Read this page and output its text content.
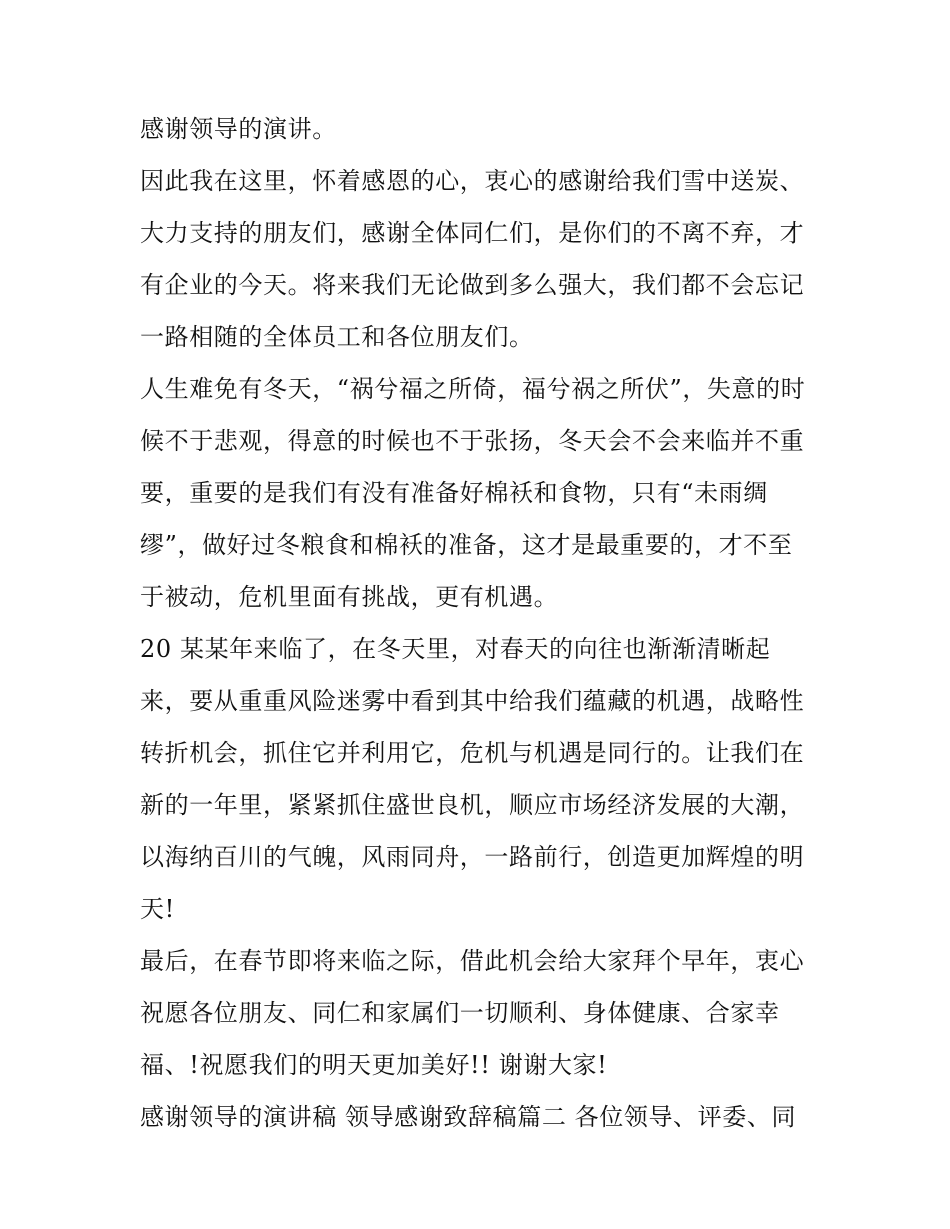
感谢领导的演讲。
因此我在这里，怀着感恩的心，衷心的感谢给我们雪中送炭、
大力支持的朋友们，感谢全体同仁们，是你们的不离不弃，才
有企业的今天。将来我们无论做到多么强大，我们都不会忘记
一路相随的全体员工和各位朋友们。
人生难免有冬天，“祸兮福之所倚，福兮祸之所伏”，失意的时
候不于悲观，得意的时候也不于张扬，冬天会不会来临并不重
要，重要的是我们有没有准备好棉袄和食物，只有“未雨绸
缪”，做好过冬粮食和棉袄的准备，这才是最重要的，才不至
于被动，危机里面有挑战，更有机遇。
20 某某年来临了，在冬天里，对春天的向往也渐渐清晰起
来，要从重重风险迷雾中看到其中给我们蕴藏的机遇，战略性
转折机会，抓住它并利用它，危机与机遇是同行的。让我们在
新的一年里，紧紧抓住盛世良机，顺应市场经济发展的大潮，
以海纳百川的气魄，风雨同舟，一路前行，创造更加辉煌的明
天!
最后，在春节即将来临之际，借此机会给大家拜个早年，衷心
祝愿各位朋友、同仁和家属们一切顺利、身体健康、合家幸
福、!祝愿我们的明天更加美好!! 谢谢大家!
感谢领导的演讲稿 领导感谢致辞稿篇二 各位领导、评委、同
